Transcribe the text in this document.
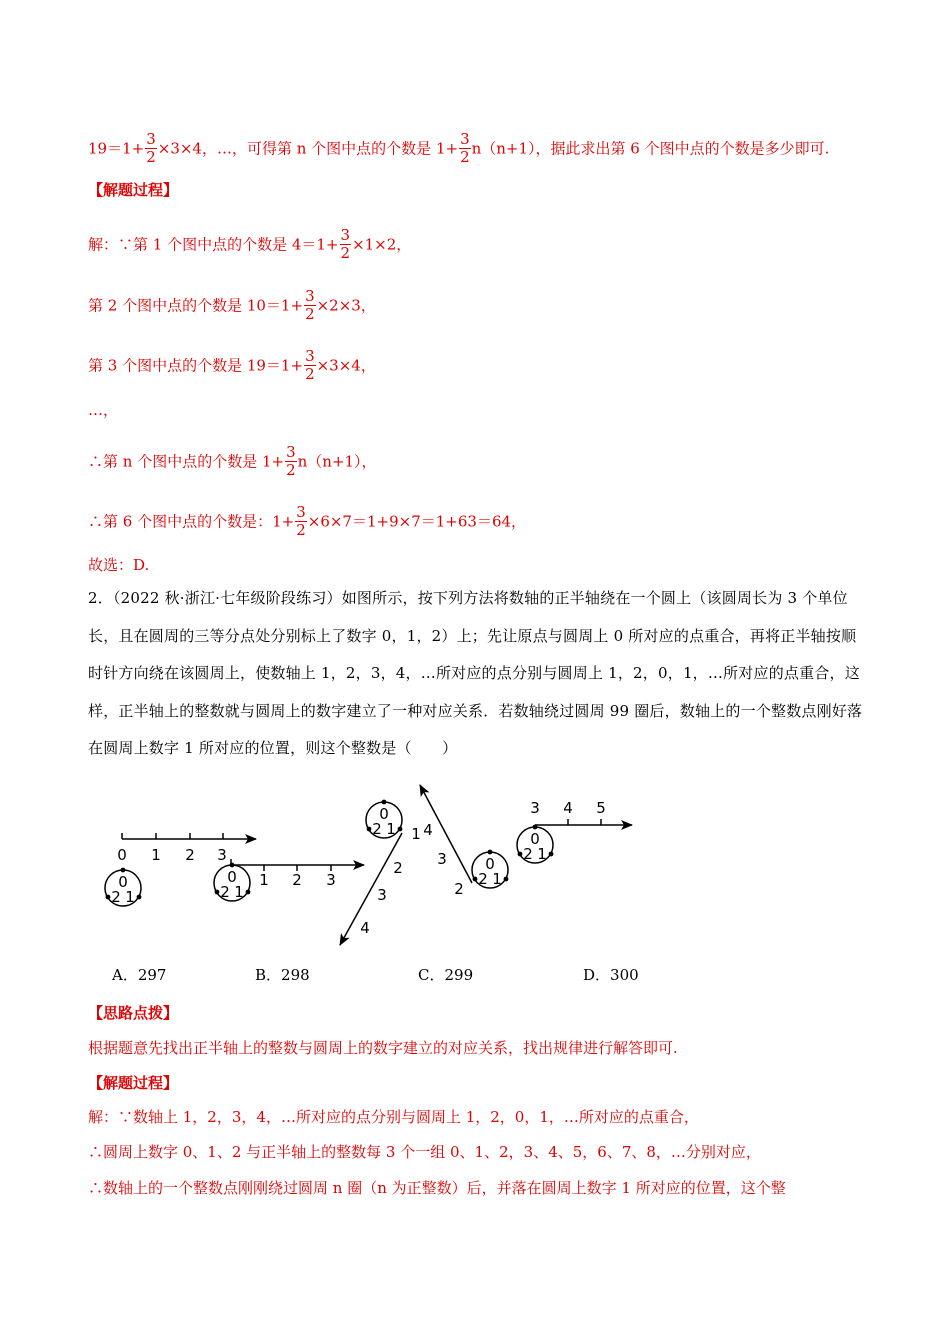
$19=1+ \frac{3}{2} \times 3\times 4$，…，可得第 n 个图中点的个数是 $1+ \frac{3}{2} n(n+1)$，据此求出第 6 个图中点的个数是多少即可.
【解题过程】
解：∵第 1 个图中点的个数是 $4=1+ \frac{3}{2} \times 1\times 2$，
第 2 个图中点的个数是 $10=1+ \frac{3}{2} \times 2\times 3$，
第 3 个图中点的个数是 $19=1+ \frac{3}{2} \times 3\times 4$，
…，
∴第 n 个图中点的个数是 $1+ \frac{3}{2} n(n+1)$，
∴第 6 个图中点的个数是：$1+ \frac{3}{2} \times 6\times 7=1+9\times 7=1+63=64$，
故选：D.
2．（2022 秋·浙江·七年级阶段练习）如图所示，按下列方法将数轴的正半轴绕在一个圆上（该圆周长为 3 个单位长，且在圆周的三等分点处分别标上了数字 0，1，2）上；先让原点与圆周上 0 所对应的点重合，再将正半轴按顺时针方向绕在该圆周上，使数轴上 1，2，3，4，…所对应的点分别与圆周上 1，2，0，1，…所对应的点重合，这样，正半轴上的整数就与圆周上的数字建立了一种对应关系．若数轴绕过圆周 99 圈后，数轴上的一个整数点刚好落在圆周上数字 1 所对应的位置，则这个整数是（　　）
0 1 2 3
0
2 1
1 2 3
0
2 1
0
2 1 1
2
3
4
0
2 1
2
3
4
3 4 5
0
2 1
A．297	B．298	C．299	D．300
【思路点拨】
根据题意先找出正半轴上的整数与圆周上的数字建立的对应关系，找出规律进行解答即可.
【解题过程】
解：∵数轴上 1，2，3，4，…所对应的点分别与圆周上 1，2，0，1，…所对应的点重合，
∴圆周上数字 0、1、2 与正半轴上的整数每 3 个一组 0、1、2，3、4、5，6、7、8，…分别对应，
∴数轴上的一个整数点刚刚绕过圆周 n 圈（n 为正整数）后，并落在圆周上数字 1 所对应的位置，这个整
